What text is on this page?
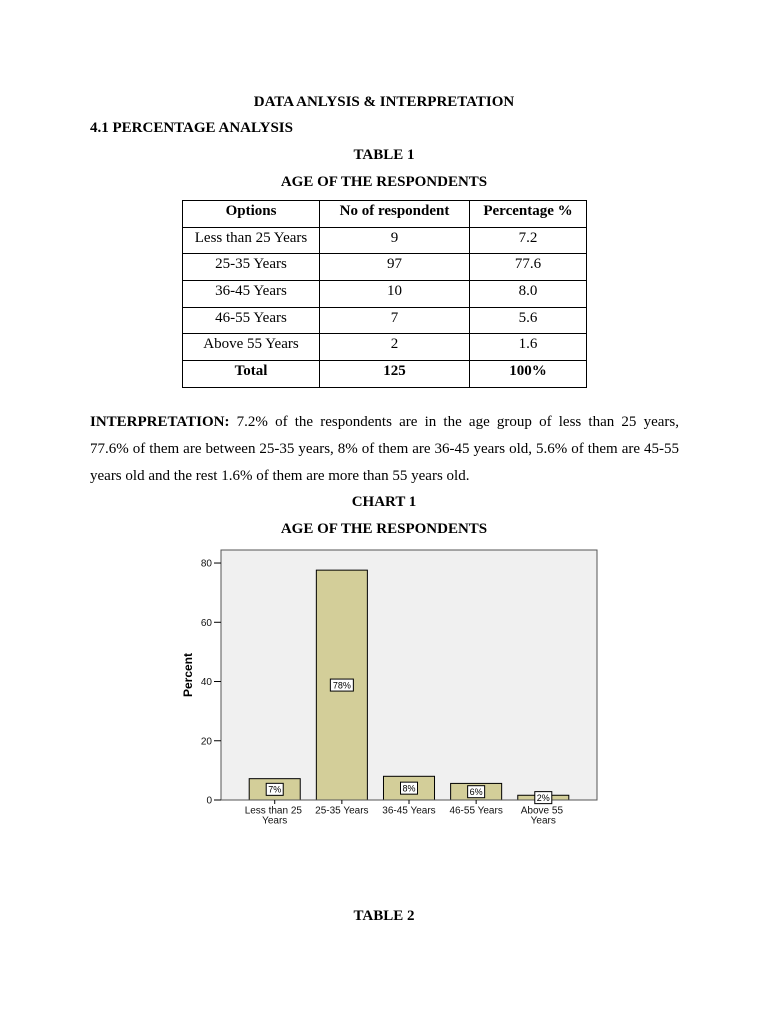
DATA ANLYSIS & INTERPRETATION
4.1 PERCENTAGE ANALYSIS
TABLE 1
AGE OF THE RESPONDENTS
Options	No of respondent	Percentage %
Less than 25 Years	9	7.2
25-35 Years	97	77.6
36-45 Years	10	8.0
46-55 Years	7	5.6
Above 55 Years	2	1.6
Total	125	100%
INTERPRETATION: 7.2% of the respondents are in the age group of less than 25 years,
77.6% of them are between 25-35 years, 8% of them are 36-45 years old, 5.6% of them are 45-55
years old and the rest 1.6% of them are more than 55 years old.
CHART 1
AGE OF THE RESPONDENTS
0
20
40
60
80
Less than 25 Years
25-35 Years 36-45 Years 46-55 Years Above 55 Years
Percent
7%
78%
8%	6%
2%
TABLE 2
